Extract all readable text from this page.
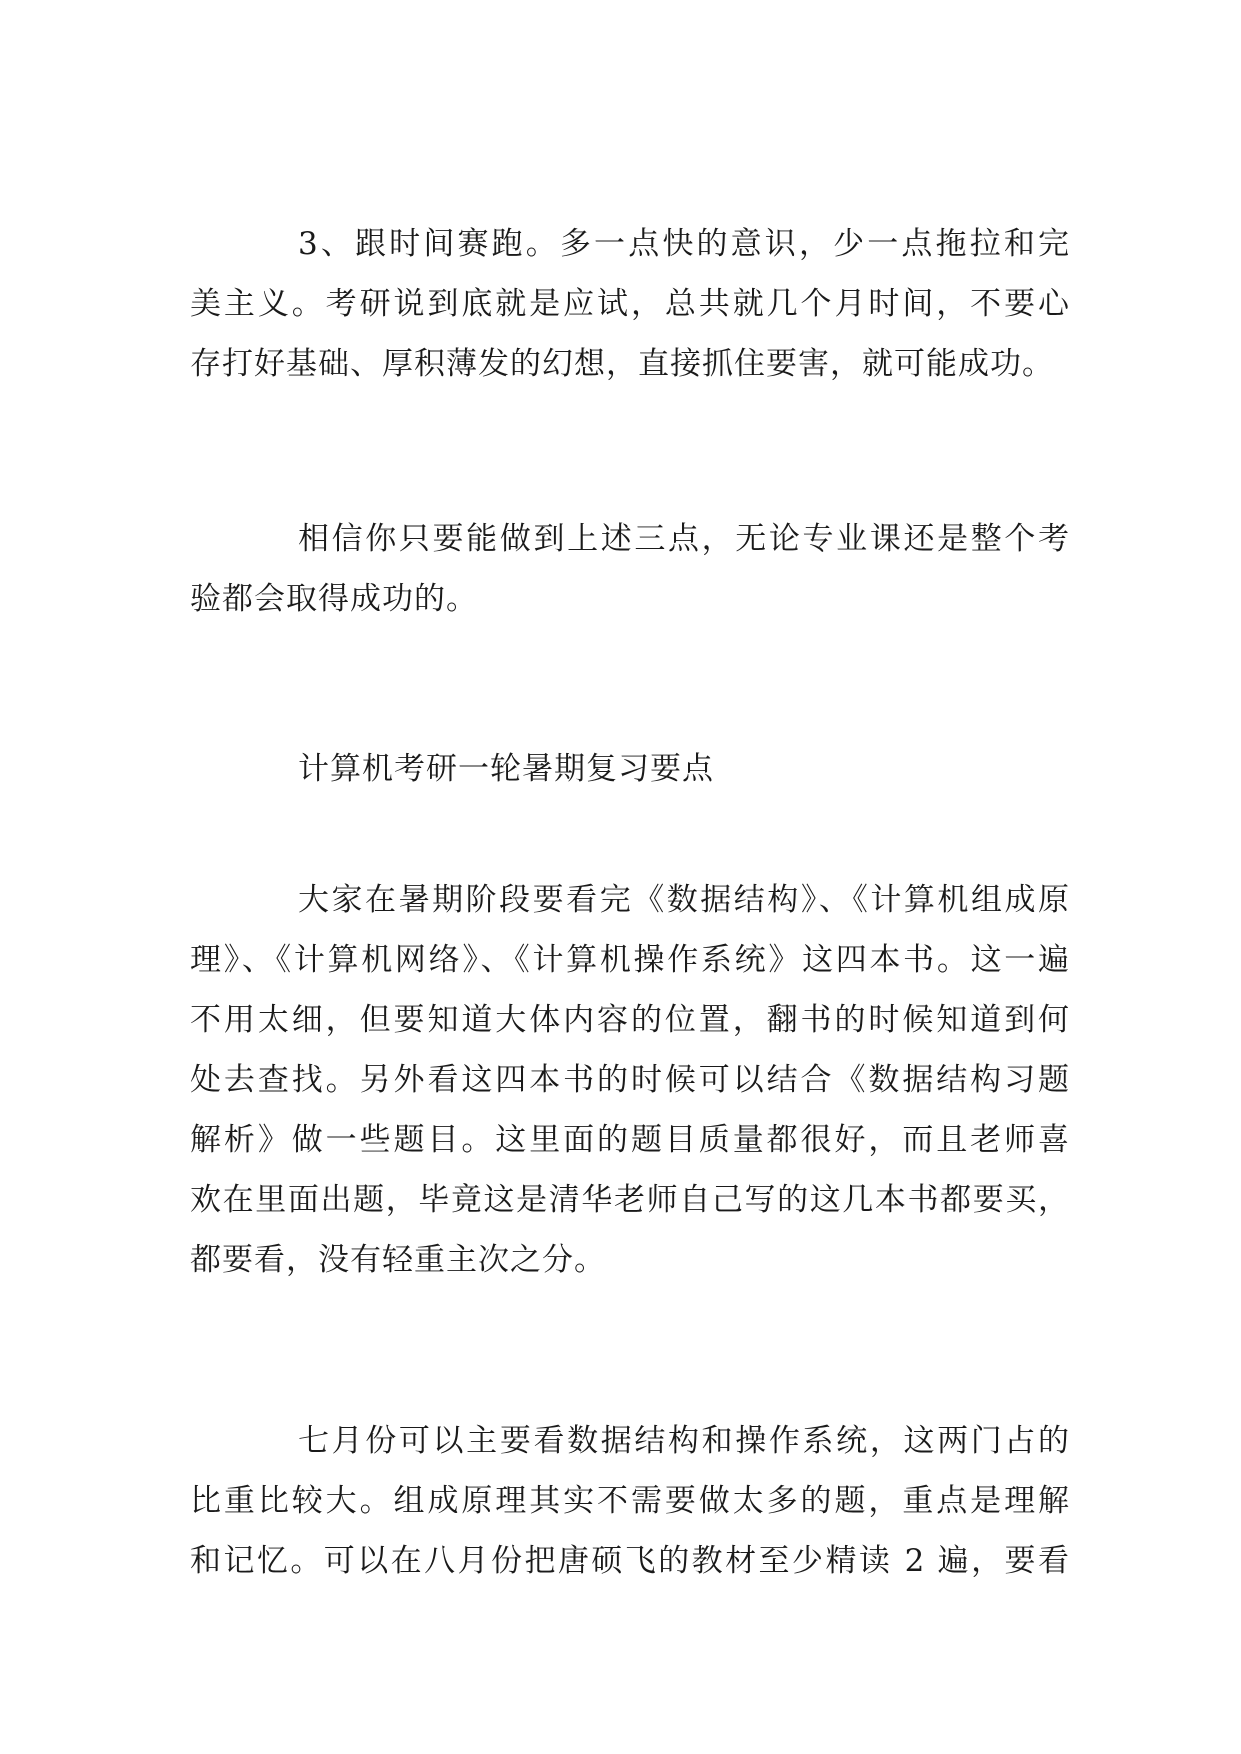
3、跟时间赛跑。多一点快的意识，少一点拖拉和完
美主义。考研说到底就是应试，总共就几个月时间，不要心
存打好基础、厚积薄发的幻想，直接抓住要害，就可能成功。

相信你只要能做到上述三点，无论专业课还是整个考
验都会取得成功的。

计算机考研一轮暑期复习要点

大家在暑期阶段要看完《数据结构》、《计算机组成原
理》、《计算机网络》、《计算机操作系统》这四本书。这一遍
不用太细，但要知道大体内容的位置，翻书的时候知道到何
处去查找。另外看这四本书的时候可以结合《数据结构习题
解析》做一些题目。这里面的题目质量都很好，而且老师喜
欢在里面出题，毕竟这是清华老师自己写的这几本书都要买，
都要看，没有轻重主次之分。

七月份可以主要看数据结构和操作系统，这两门占的
比重比较大。组成原理其实不需要做太多的题，重点是理解
和记忆。可以在八月份把唐硕飞的教材至少精读 2 遍，要看
